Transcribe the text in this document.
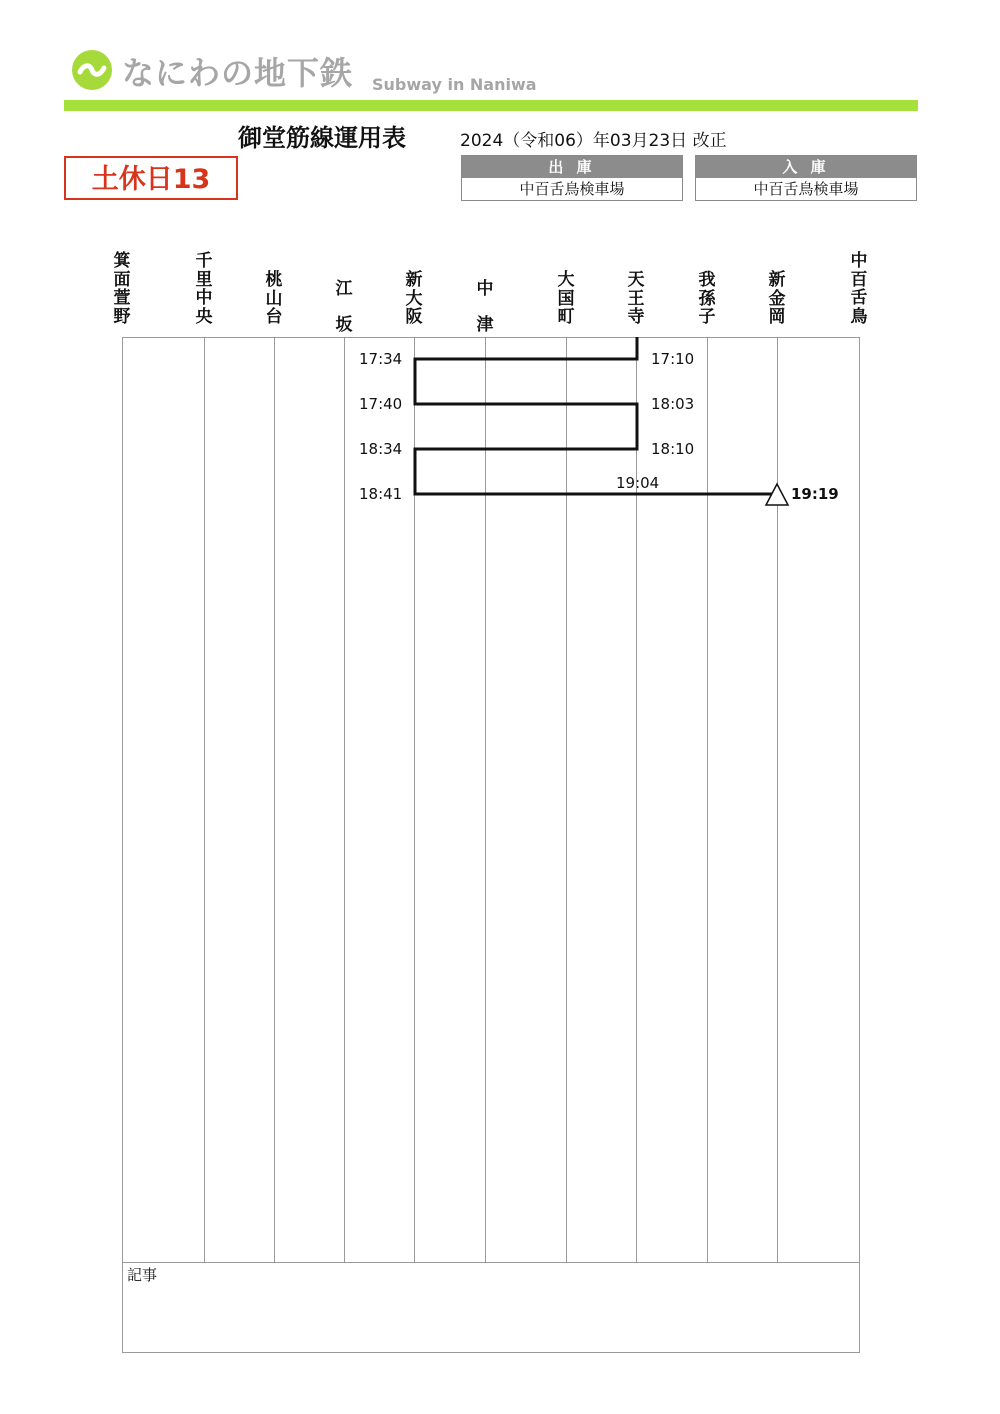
なにわの地下鉄 Subway in Naniwa
御堂筋線運用表	2024（令和06）年03月23日 改正
土休日13	出 庫
中百舌鳥検車場
入 庫
中百舌鳥検車場
箕面萱野
千里中央
桃山台
江坂
新大阪
中津
大国町
天王寺
我孫子
新金岡
中百舌鳥
17:34	17:10
17:40	18:03
18:34	18:10
19:04
18:41	19:19
記事
